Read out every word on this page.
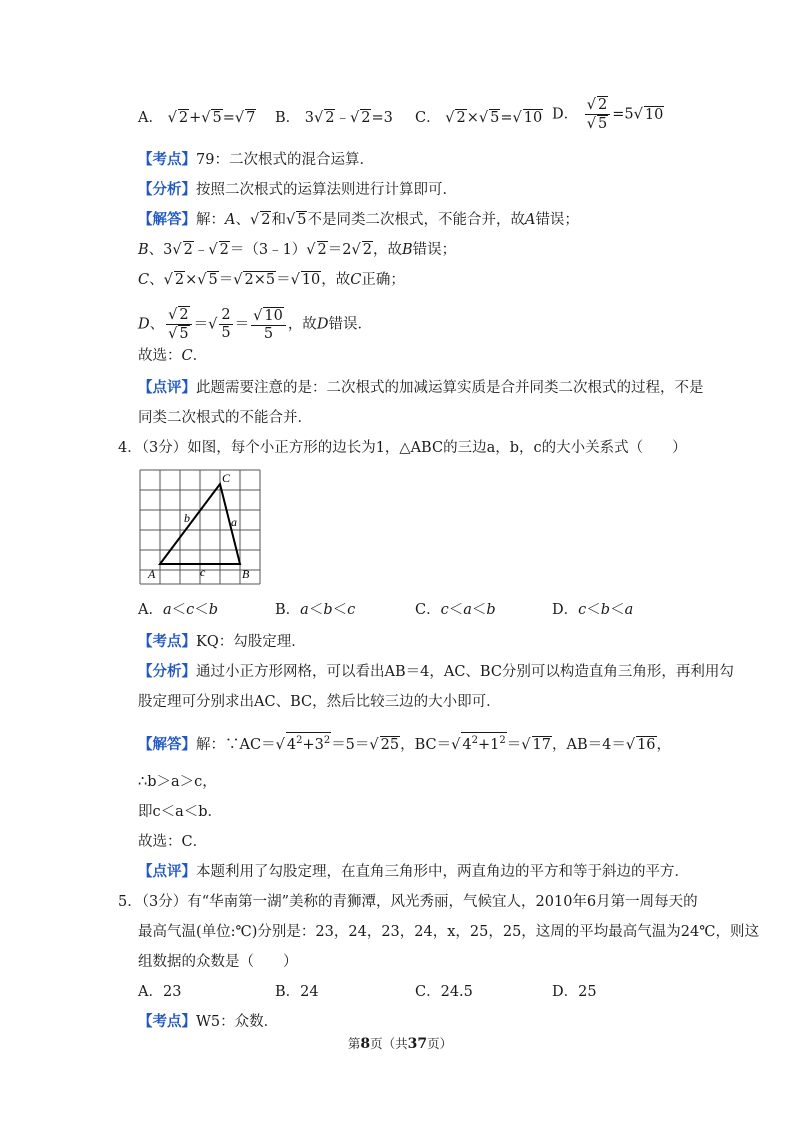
A． √ 2+√ 5=√ 7 B． 3√ 2﹣√ 2=3 C． √ 2×√ 5=√ 10 D． $\frac{√ 2}{√ 5} =5√$ 10
【考点】79：二次根式的混合运算．
【分析】按照二次根式的运算法则进行计算即可．
【解答】解：A、√ 2和√ 5不是同类二次根式，不能合并，故A错误；
B、3√ 2﹣√ 2＝（3﹣1）√ 2＝2√ 2，故B错误；
C、√ 2×√ 5＝√ 2×5＝√ 10，故C正确；
D、 $\frac{√ 2}{√ 5}$ ＝√ $\frac{2}{5} = \frac{√ 10}{5}$ ，故D错误．
故选：C．
【点评】此题需要注意的是：二次根式的加减运算实质是合并同类二次根式的过程，不是
同类二次根式的不能合并．
4．（3分）如图，每个小正方形的边长为1，△ABC的三边a，b，c的大小关系式（　　）
A	B
C
a
b
c
A．a＜c＜b	B．a＜b＜c	C．c＜a＜b	D．c＜b＜a
【考点】KQ：勾股定理．
【分析】通过小正方形网格，可以看出AB＝4，AC、BC分别可以构造直角三角形，再利用勾
股定理可分别求出AC、BC，然后比较三边的大小即可．
【解答】解：∵AC＝√ $4^2+3^2=5=√$ 25，BC＝√ $4^2+1^2=√$ 17，AB＝4＝√ 16，
∴b＞a＞c，
即c＜a＜b．
故选：C．
【点评】本题利用了勾股定理，在直角三角形中，两直角边的平方和等于斜边的平方．
5．（3分）有“华南第一湖”美称的青狮潭，风光秀丽，气候宜人，2010年6月第一周每天的
最高气温(单位:℃)分别是：23，24，23，24，x，25，25，这周的平均最高气温为24℃，则这
组数据的众数是（　　）
A．23	B．24	C．24.5	D．25
【考点】W5：众数．
第8页（共37页）
